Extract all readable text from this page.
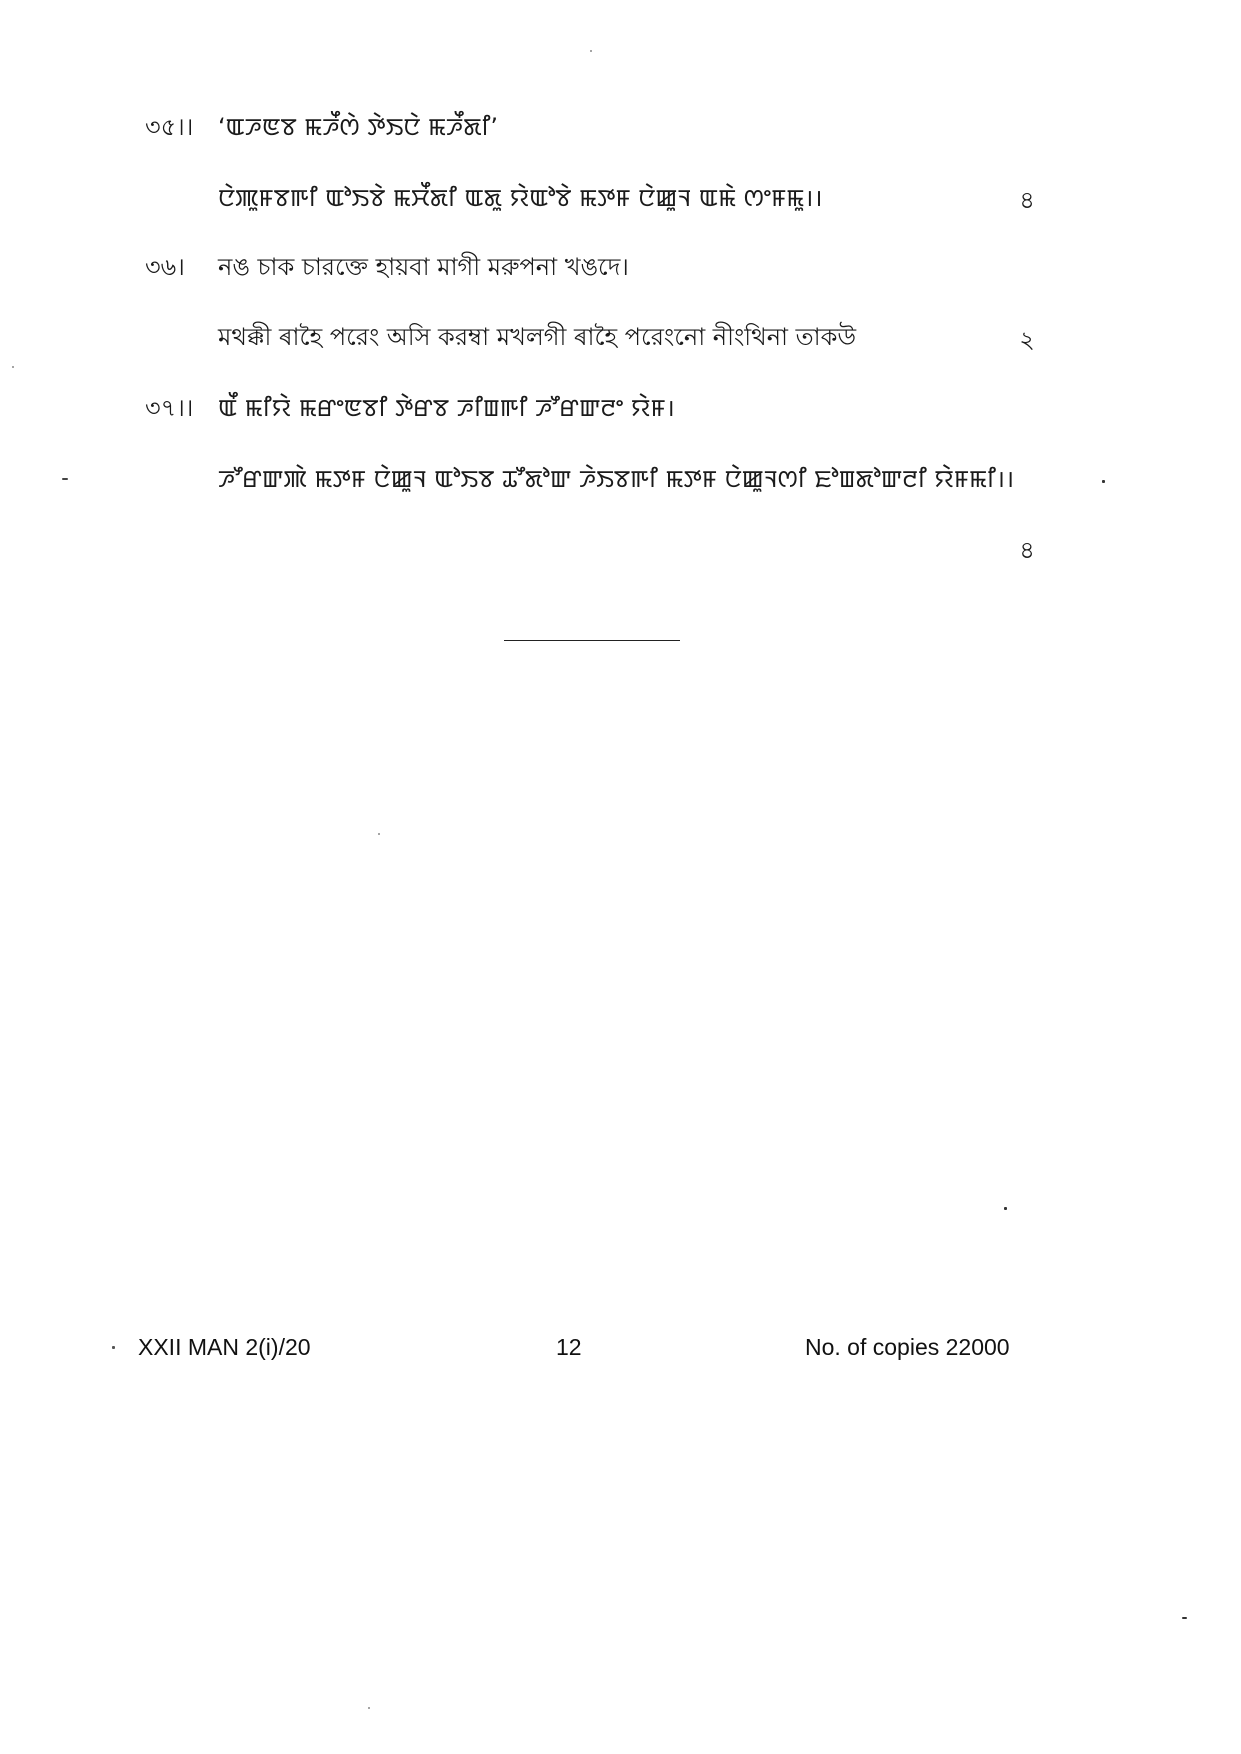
৩৫।। ‘ꯑꯍꯟꯕ ꯃꯍꯩꯁꯥ ꯇꯥꯏꯅꯥ ꯃꯍꯩꯗꯤ’
ꯅꯥꯄꯨꯝꯕꯒꯤ ꯑꯣꯏꯕꯥ ꯃꯆꯩꯗꯤ ꯑꯗꯨ ꯌꯥꯑꯣꯕꯥ ꯃꯇꯝ ꯅꯥꯀꯨꯜ ꯑꯃꯥ ꯁꯦꯝꯃꯨ।।	৪
৩৬। নঙ চাক চারক্তে হায়বা মাগী মরুপনা খঙদে।
মথক্কী ৰাহৈ পরেং অসি করম্বা মখলগী ৰাহৈ পরেংনো নীংথিনা তাকউ	২
৩৭।। ꯑꯩ ꯃꯤꯌꯥ ꯃꯔꯦꯟꯕꯤ ꯇꯥꯔꯕ ꯍꯤꯡꯒꯤ ꯍꯧꯔꯛꯂꯦ ꯌꯥꯝ।
ꯍꯧꯔꯛꯄꯥ ꯃꯇꯝ ꯅꯥꯀꯨꯜ ꯑꯣꯏꯕ ꯊꯧꯗꯣꯛ ꯍꯥꯏꯕꯒꯤ ꯃꯇꯝ ꯅꯥꯀꯨꯜꯁꯤ ꯐꯣꯡꯗꯣꯛꯂꯤ ꯌꯥꯝꯃꯤ।।
৪
XXII MAN 2(i)/20	12	No. of copies 22000
